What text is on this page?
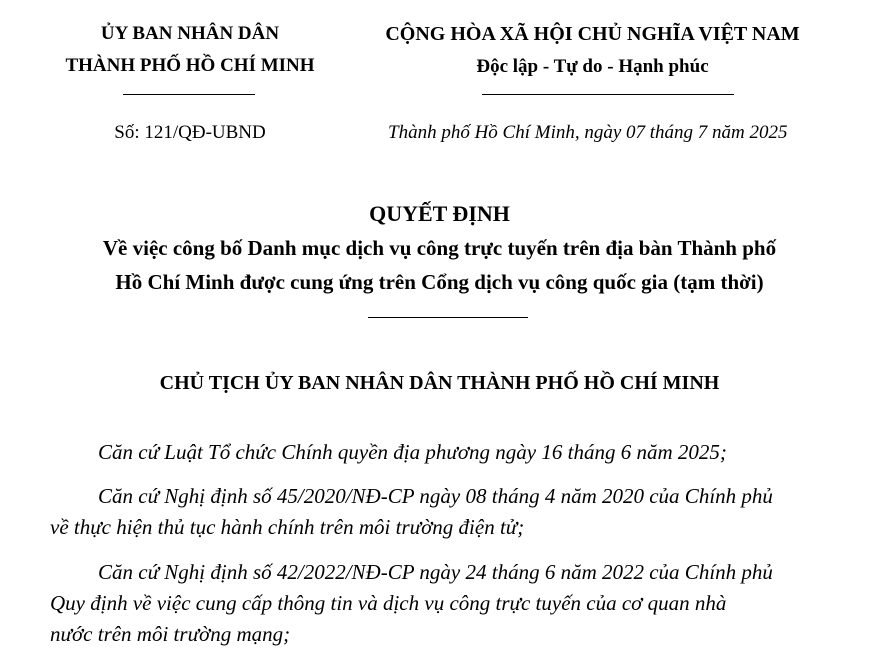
ỦY BAN NHÂN DÂN
THÀNH PHỐ HỒ CHÍ MINH
Số: 121/QĐ-UBND
CỘNG HÒA XÃ HỘI CHỦ NGHĨA VIỆT NAM
Độc lập - Tự do - Hạnh phúc
Thành phố Hồ Chí Minh, ngày 07 tháng 7 năm 2025
QUYẾT ĐỊNH
Về việc công bố Danh mục dịch vụ công trực tuyến trên địa bàn Thành phố
Hồ Chí Minh được cung ứng trên Cổng dịch vụ công quốc gia (tạm thời)
CHỦ TỊCH ỦY BAN NHÂN DÂN THÀNH PHỐ HỒ CHÍ MINH
Căn cứ Luật Tổ chức Chính quyền địa phương ngày 16 tháng 6 năm 2025;
Căn cứ Nghị định số 45/2020/NĐ-CP ngày 08 tháng 4 năm 2020 của Chính phủ
về thực hiện thủ tục hành chính trên môi trường điện tử;
Căn cứ Nghị định số 42/2022/NĐ-CP ngày 24 tháng 6 năm 2022 của Chính phủ
Quy định về việc cung cấp thông tin và dịch vụ công trực tuyến của cơ quan nhà
nước trên môi trường mạng;
